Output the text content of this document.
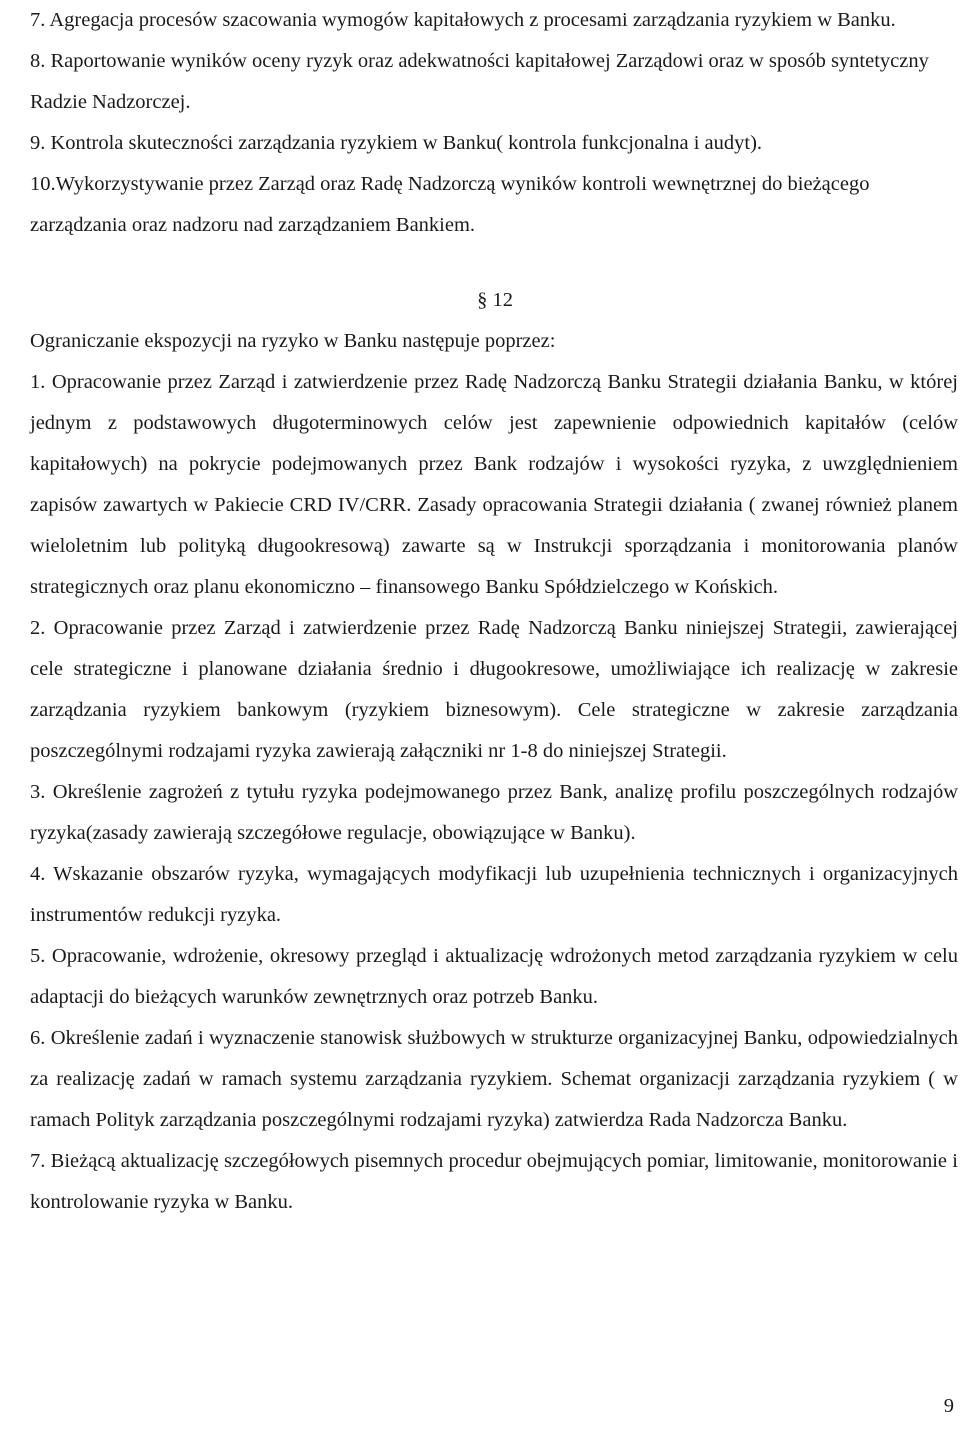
7. Agregacja procesów szacowania wymogów kapitałowych z procesami zarządzania ryzykiem w Banku.
8. Raportowanie wyników oceny ryzyk oraz adekwatności kapitałowej Zarządowi oraz w sposób syntetyczny Radzie Nadzorczej.
9. Kontrola skuteczności zarządzania ryzykiem w Banku( kontrola funkcjonalna i audyt).
10.Wykorzystywanie przez Zarząd oraz Radę Nadzorczą wyników kontroli wewnętrznej do bieżącego zarządzania oraz nadzoru nad zarządzaniem Bankiem.
§ 12

Ograniczanie ekspozycji na ryzyko w Banku następuje poprzez:

1. Opracowanie przez Zarząd i zatwierdzenie przez Radę Nadzorczą Banku Strategii działania Banku, w której jednym z podstawowych długoterminowych celów jest zapewnienie odpowiednich kapitałów (celów kapitałowych) na pokrycie podejmowanych przez Bank rodzajów i wysokości ryzyka, z uwzględnieniem zapisów zawartych w Pakiecie CRD IV/CRR. Zasady opracowania Strategii działania ( zwanej również planem wieloletnim lub polityką długookresową) zawarte są w Instrukcji sporządzania i monitorowania planów strategicznych oraz planu ekonomiczno – finansowego Banku Spółdzielczego w Końskich.
2. Opracowanie przez Zarząd i zatwierdzenie przez Radę Nadzorczą Banku niniejszej Strategii, zawierającej cele strategiczne i planowane działania średnio i długookresowe, umożliwiające ich realizację w zakresie zarządzania ryzykiem bankowym (ryzykiem biznesowym). Cele strategiczne w zakresie zarządzania poszczególnymi rodzajami ryzyka zawierają załączniki nr 1-8 do niniejszej Strategii.
3. Określenie zagrożeń z tytułu ryzyka podejmowanego przez Bank, analizę profilu poszczególnych rodzajów ryzyka(zasady zawierają szczegółowe regulacje, obowiązujące w Banku).
4. Wskazanie obszarów ryzyka, wymagających modyfikacji lub uzupełnienia technicznych i organizacyjnych instrumentów redukcji ryzyka.
5. Opracowanie, wdrożenie, okresowy przegląd i aktualizację wdrożonych metod zarządzania ryzykiem w celu adaptacji do bieżących warunków zewnętrznych oraz potrzeb Banku.
6. Określenie zadań i wyznaczenie stanowisk służbowych w strukturze organizacyjnej Banku, odpowiedzialnych za realizację zadań w ramach systemu zarządzania ryzykiem. Schemat organizacji zarządzania ryzykiem ( w ramach Polityk zarządzania poszczególnymi rodzajami ryzyka) zatwierdza Rada Nadzorcza Banku.
7. Bieżącą aktualizację szczegółowych pisemnych procedur obejmujących pomiar, limitowanie, monitorowanie i kontrolowanie ryzyka w Banku.
9
